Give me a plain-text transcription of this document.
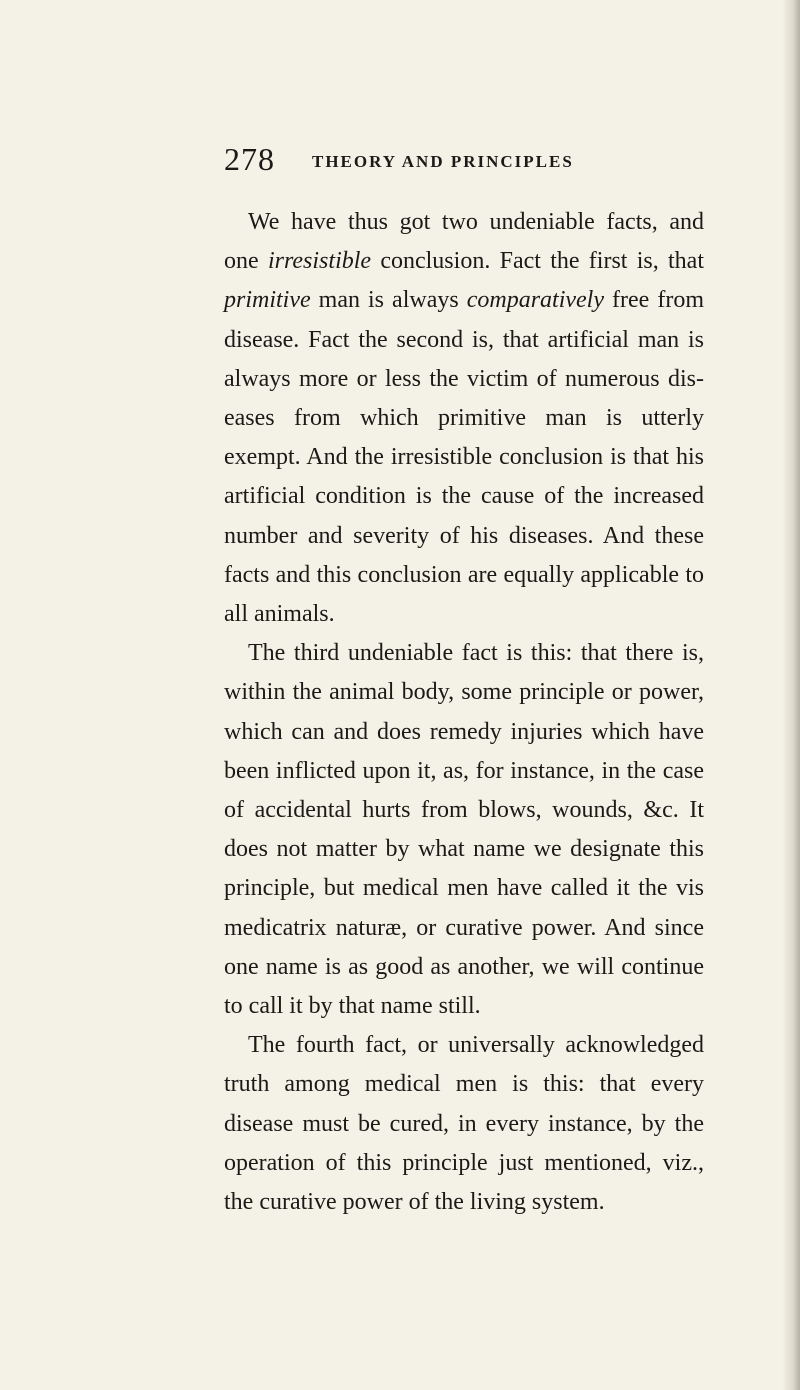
278 THEORY AND PRINCIPLES

We have thus got two undeniable facts, and one irresistible conclusion. Fact the first is, that primitive man is always comparatively free from disease. Fact the second is, that artificial man is always more or less the victim of numerous dis-eases from which primitive man is utterly exempt. And the irresistible conclusion is that his artificial condition is the cause of the increased number and severity of his diseases. And these facts and this conclusion are equally applicable to all animals.

The third undeniable fact is this: that there is, within the animal body, some principle or power, which can and does remedy injuries which have been inflicted upon it, as, for instance, in the case of accidental hurts from blows, wounds, &c. It does not matter by what name we designate this principle, but medical men have called it the vis medicatrix naturæ, or curative power. And since one name is as good as another, we will continue to call it by that name still.

The fourth fact, or universally acknowledged truth among medical men is this: that every disease must be cured, in every instance, by the operation of this principle just mentioned, viz., the curative power of the living system.
